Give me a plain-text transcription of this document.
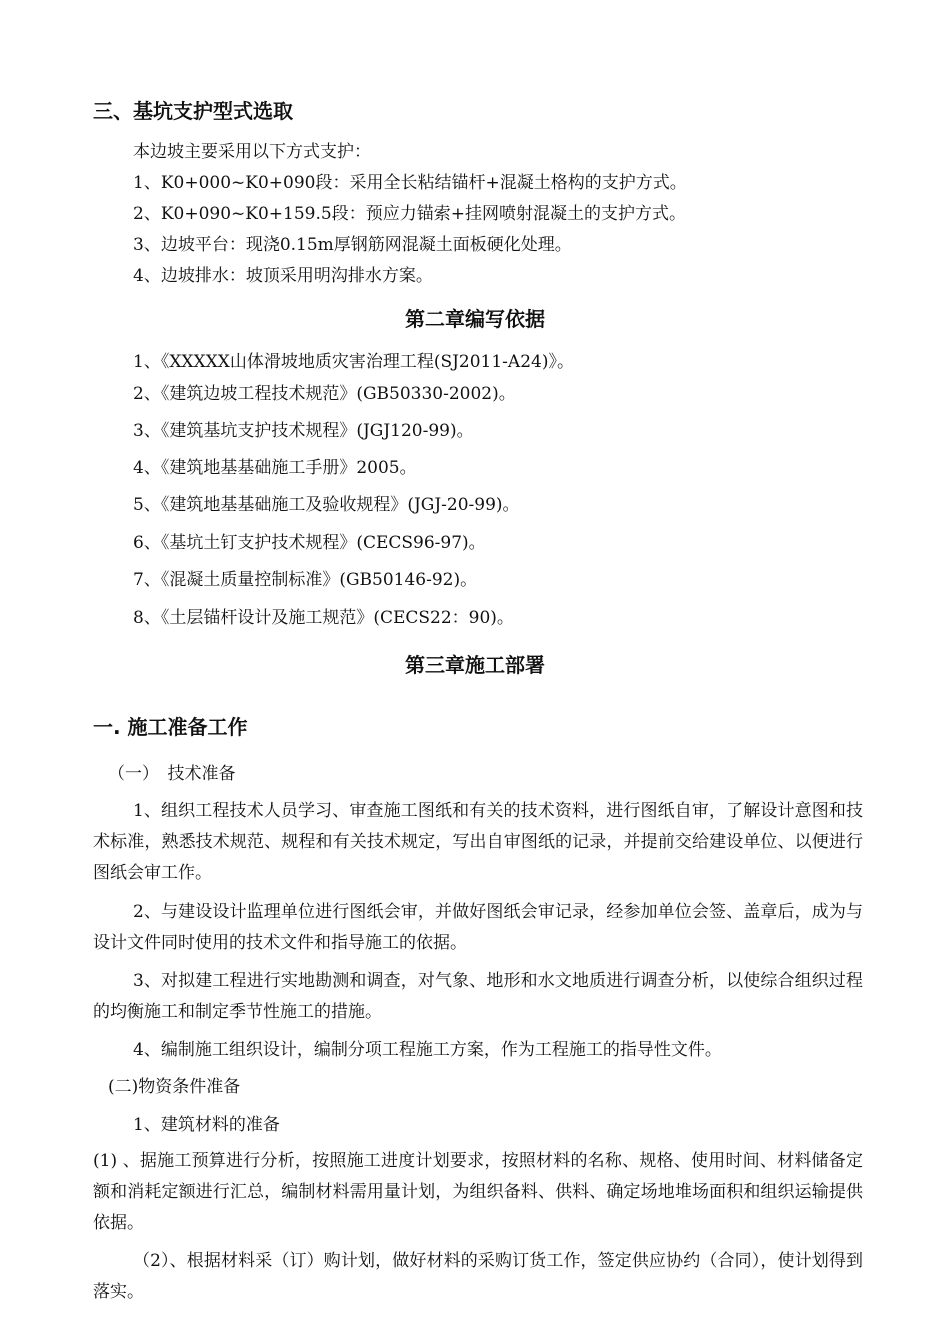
三、基坑支护型式选取
本边坡主要采用以下方式支护：
1、K0+000~K0+090段：采用全长粘结锚杆+混凝土格构的支护方式。
2、K0+090~K0+159.5段：预应力锚索+挂网喷射混凝土的支护方式。
3、边坡平台：现浇0.15m厚钢筋网混凝土面板硬化处理。
4、边坡排水：坡顶采用明沟排水方案。
第二章编写依据
1、《XXXXX山体滑坡地质灾害治理工程(SJ2011-A24)》。
2、《建筑边坡工程技术规范》(GB50330-2002)。
3、《建筑基坑支护技术规程》(JGJ120-99)。
4、《建筑地基基础施工手册》2005。
5、《建筑地基基础施工及验收规程》(JGJ-20-99)。
6、《基坑土钉支护技术规程》(CECS96-97)。
7、《混凝土质量控制标准》(GB50146-92)。
8、《土层锚杆设计及施工规范》(CECS22：90)。
第三章施工部署
一. 施工准备工作
（一）　技术准备

1、组织工程技术人员学习、审查施工图纸和有关的技术资料，进行图纸自审，了解设计意图和技术标准，熟悉技术规范、规程和有关技术规定，写出自审图纸的记录，并提前交给建设单位、以便进行图纸会审工作。

2、与建设设计监理单位进行图纸会审，并做好图纸会审记录，经参加单位会签、盖章后，成为与设计文件同时使用的技术文件和指导施工的依据。

3、对拟建工程进行实地勘测和调查，对气象、地形和水文地质进行调查分析，以使综合组织过程的均衡施工和制定季节性施工的措施。

4、编制施工组织设计，编制分项工程施工方案，作为工程施工的指导性文件。
(二)物资条件准备
1、建筑材料的准备

(1) 、据施工预算进行分析，按照施工进度计划要求，按照材料的名称、规格、使用时间、材料储备定额和消耗定额进行汇总，编制材料需用量计划，为组织备料、供料、确定场地堆场面积和组织运输提供依据。

（2）、根据材料采（订）购计划，做好材料的采购订货工作，签定供应协约（合同），使计划得到落实。
